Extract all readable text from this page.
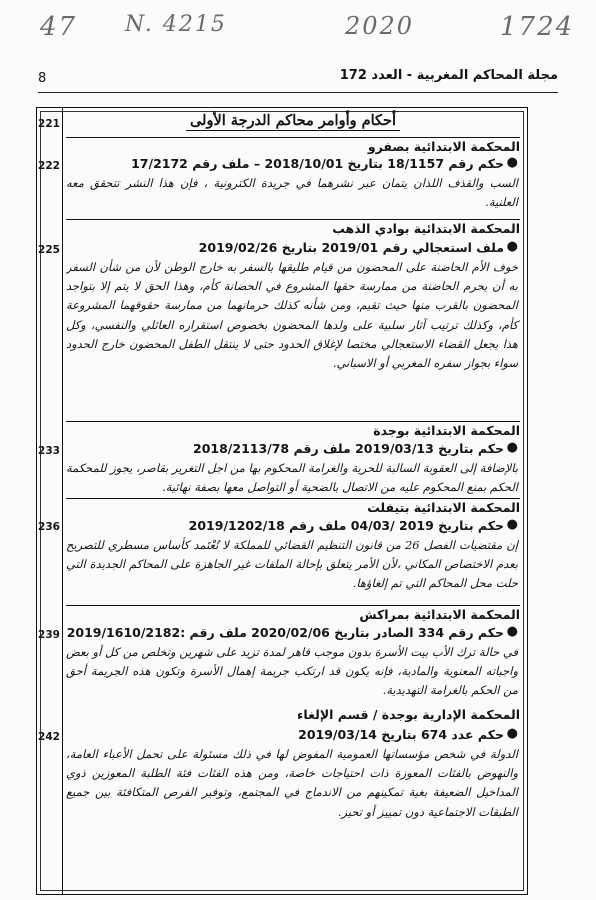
47 N. 4215	2020	1724
مجلة المحاكم المغربية - العدد 172
8
221
222
225
233
236
239
242
أحكام وأوامر محاكم الدرجة الأولى
المحكمة الابتدائية بصفرو
●
حكم رقم 18/1157 بتاريخ 2018/10/01 – ملف رقم 17/2172
السب والقذف اللذان يتمان عبر نشرهما في جريدة الكترونية ، فإن هذا النشر تتحقق معه العلنية.
المحكمة الابتدائية بوادي الذهب
●
ملف استعجالي رقم 2019/01 بتاريخ 2019/02/26
خوف الأم الحاضنة على المحضون من قيام طليقها بالسفر به خارج الوطن لأن من شأن السفر به أن يحرم الحاضنة من ممارسة حقها المشروع في الحضانة كأم، وهذا الحق لا يتم إلا بتواجد المحضون بالقرب منها حيث تقيم، ومن شأنه كذلك حرمانهما من ممارسة حقوقهما المشروعة كأم، وكذلك ترتيب آثار سلبية على ولدها المحضون بخصوص استقراره العائلي والنفسي، وكل هذا يجعل القضاء الاستعجالي مختصا لإغلاق الحدود حتى لا ينتقل الطفل المحضون خارج الحدود سواء بجواز سفره المغربي أو الاسباني.
المحكمة الابتدائية بوجدة
●
حكم بتاريخ 2019/03/13 ملف رقم 2018/2113/78
بالإضافة إلى العقوبة السالبة للحرية والغرامة المحكوم بها من اجل التغرير بقاصر، يجوز للمحكمة الحكم بمنع المحكوم عليه من الاتصال بالضحية أو التواصل معها بصفة نهائية.
المحكمة الابتدائية بتيفلت
●
حكم بتاريخ 2019 /04/03 ملف رقم 2019/1202/18
إن مقتضيات الفصل 26 من قانون التنظيم القضائي للمملكة لا تُعْتَمد كأساس مسطري للتصريح بعدم الاختصاص المكاني ،لأن الأمر يتعلق بإحالة الملفات غير الجاهزة على المحاكم الجديدة التي حلت محل المحاكم التي تم إلغاؤها.
المحكمة الابتدائية بمراكش
●
حكم رقم 334 الصادر بتاريخ 2020/02/06 ملف رقم :2019/1610/2182
في حالة ترك الأب بيت الأسرة بدون موجب قاهر لمدة تزيد على شهرين وتخلص من كل أو بعض واجباته المعنوية والمادية، فإنه يكون قد ارتكب جريمة إهمال الأسرة وتكون هذه الجريمة أحق من الحكم بالغرامة التهديدية.
المحكمة الإدارية بوجدة / قسم الإلغاء
●
حكم عدد 674 بتاريخ 2019/03/14
الدولة في شخص مؤسساتها العمومية المفوض لها في ذلك مسئولة على تحمل الأعباء العامة، والنهوض بالفئات المعوزة ذات احتياجات خاصة، ومن هذه الفئات فئة الطلبة المعوزين ذوي المداخيل الضعيفة بغية تمكينهم من الاندماج في المجتمع، وتوفير الفرص المتكافئة بين جميع الطبقات الاجتماعية دون تمييز أو تحيز.
